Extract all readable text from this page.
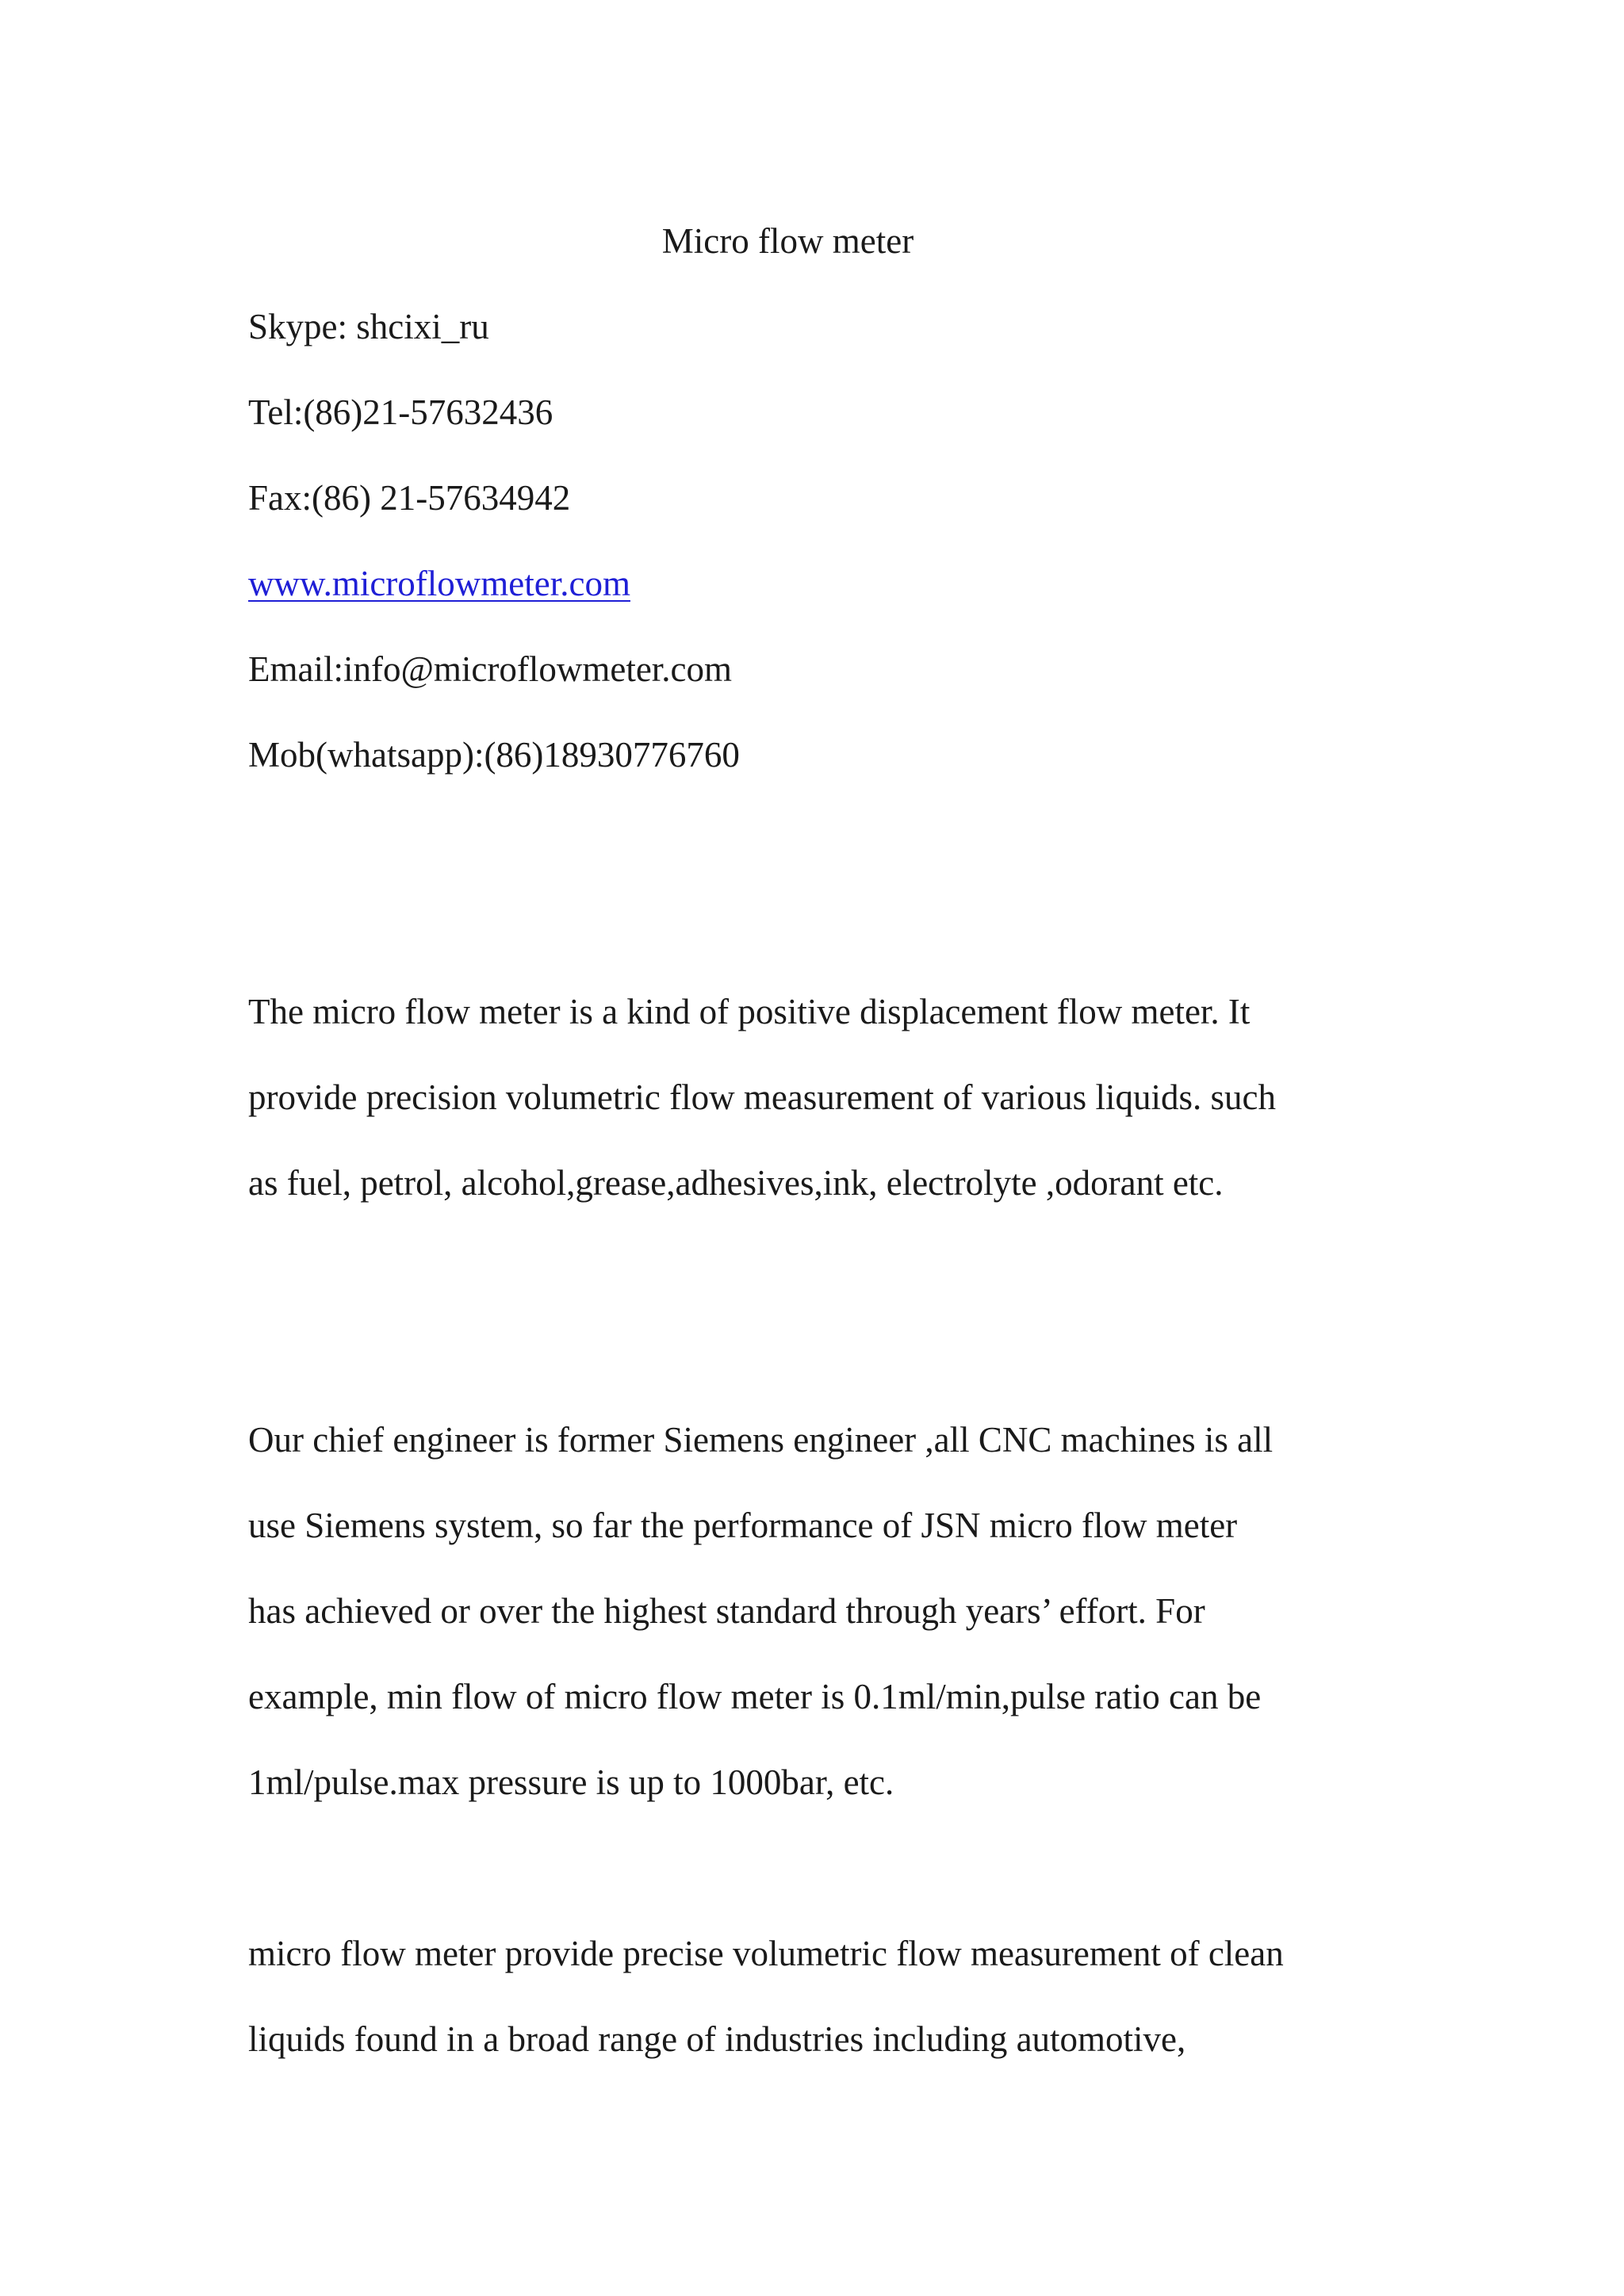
Micro flow meter
Skype: shcixi_ru
Tel:(86)21-57632436
Fax:(86) 21-57634942
www.microflowmeter.com
Email:info@microflowmeter.com
Mob(whatsapp):(86)18930776760
The micro flow meter is a kind of positive displacement flow meter. It
provide precision volumetric flow measurement of various liquids. such
as fuel, petrol, alcohol,grease,adhesives,ink, electrolyte ,odorant etc.
Our chief engineer is former Siemens engineer ,all CNC machines is all
use Siemens system, so far the performance of JSN micro flow meter
has achieved or over the highest standard through years’ effort. For
example, min flow of micro flow meter is 0.1ml/min,pulse ratio can be
1ml/pulse.max pressure is up to 1000bar, etc.
micro flow meter provide precise volumetric flow measurement of clean
liquids found in a broad range of industries including automotive,
